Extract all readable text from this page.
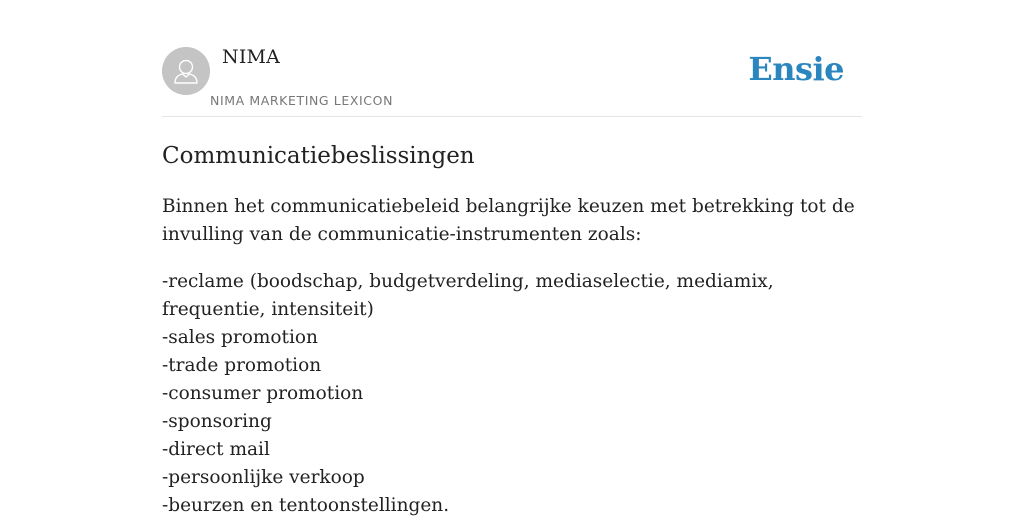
NIMA
NIMA MARKETING LEXICON
Ensie
Communicatiebeslissingen

Binnen het communicatiebeleid belangrijke keuzen met betrekking tot de invulling van de communicatie-instrumenten zoals:

-reclame (boodschap, budgetverdeling, mediaselectie, mediamix, frequentie, intensiteit)
-sales promotion
-trade promotion
-consumer promotion
-sponsoring
-direct mail
-persoonlijke verkoop
-beurzen en tentoonstellingen.
